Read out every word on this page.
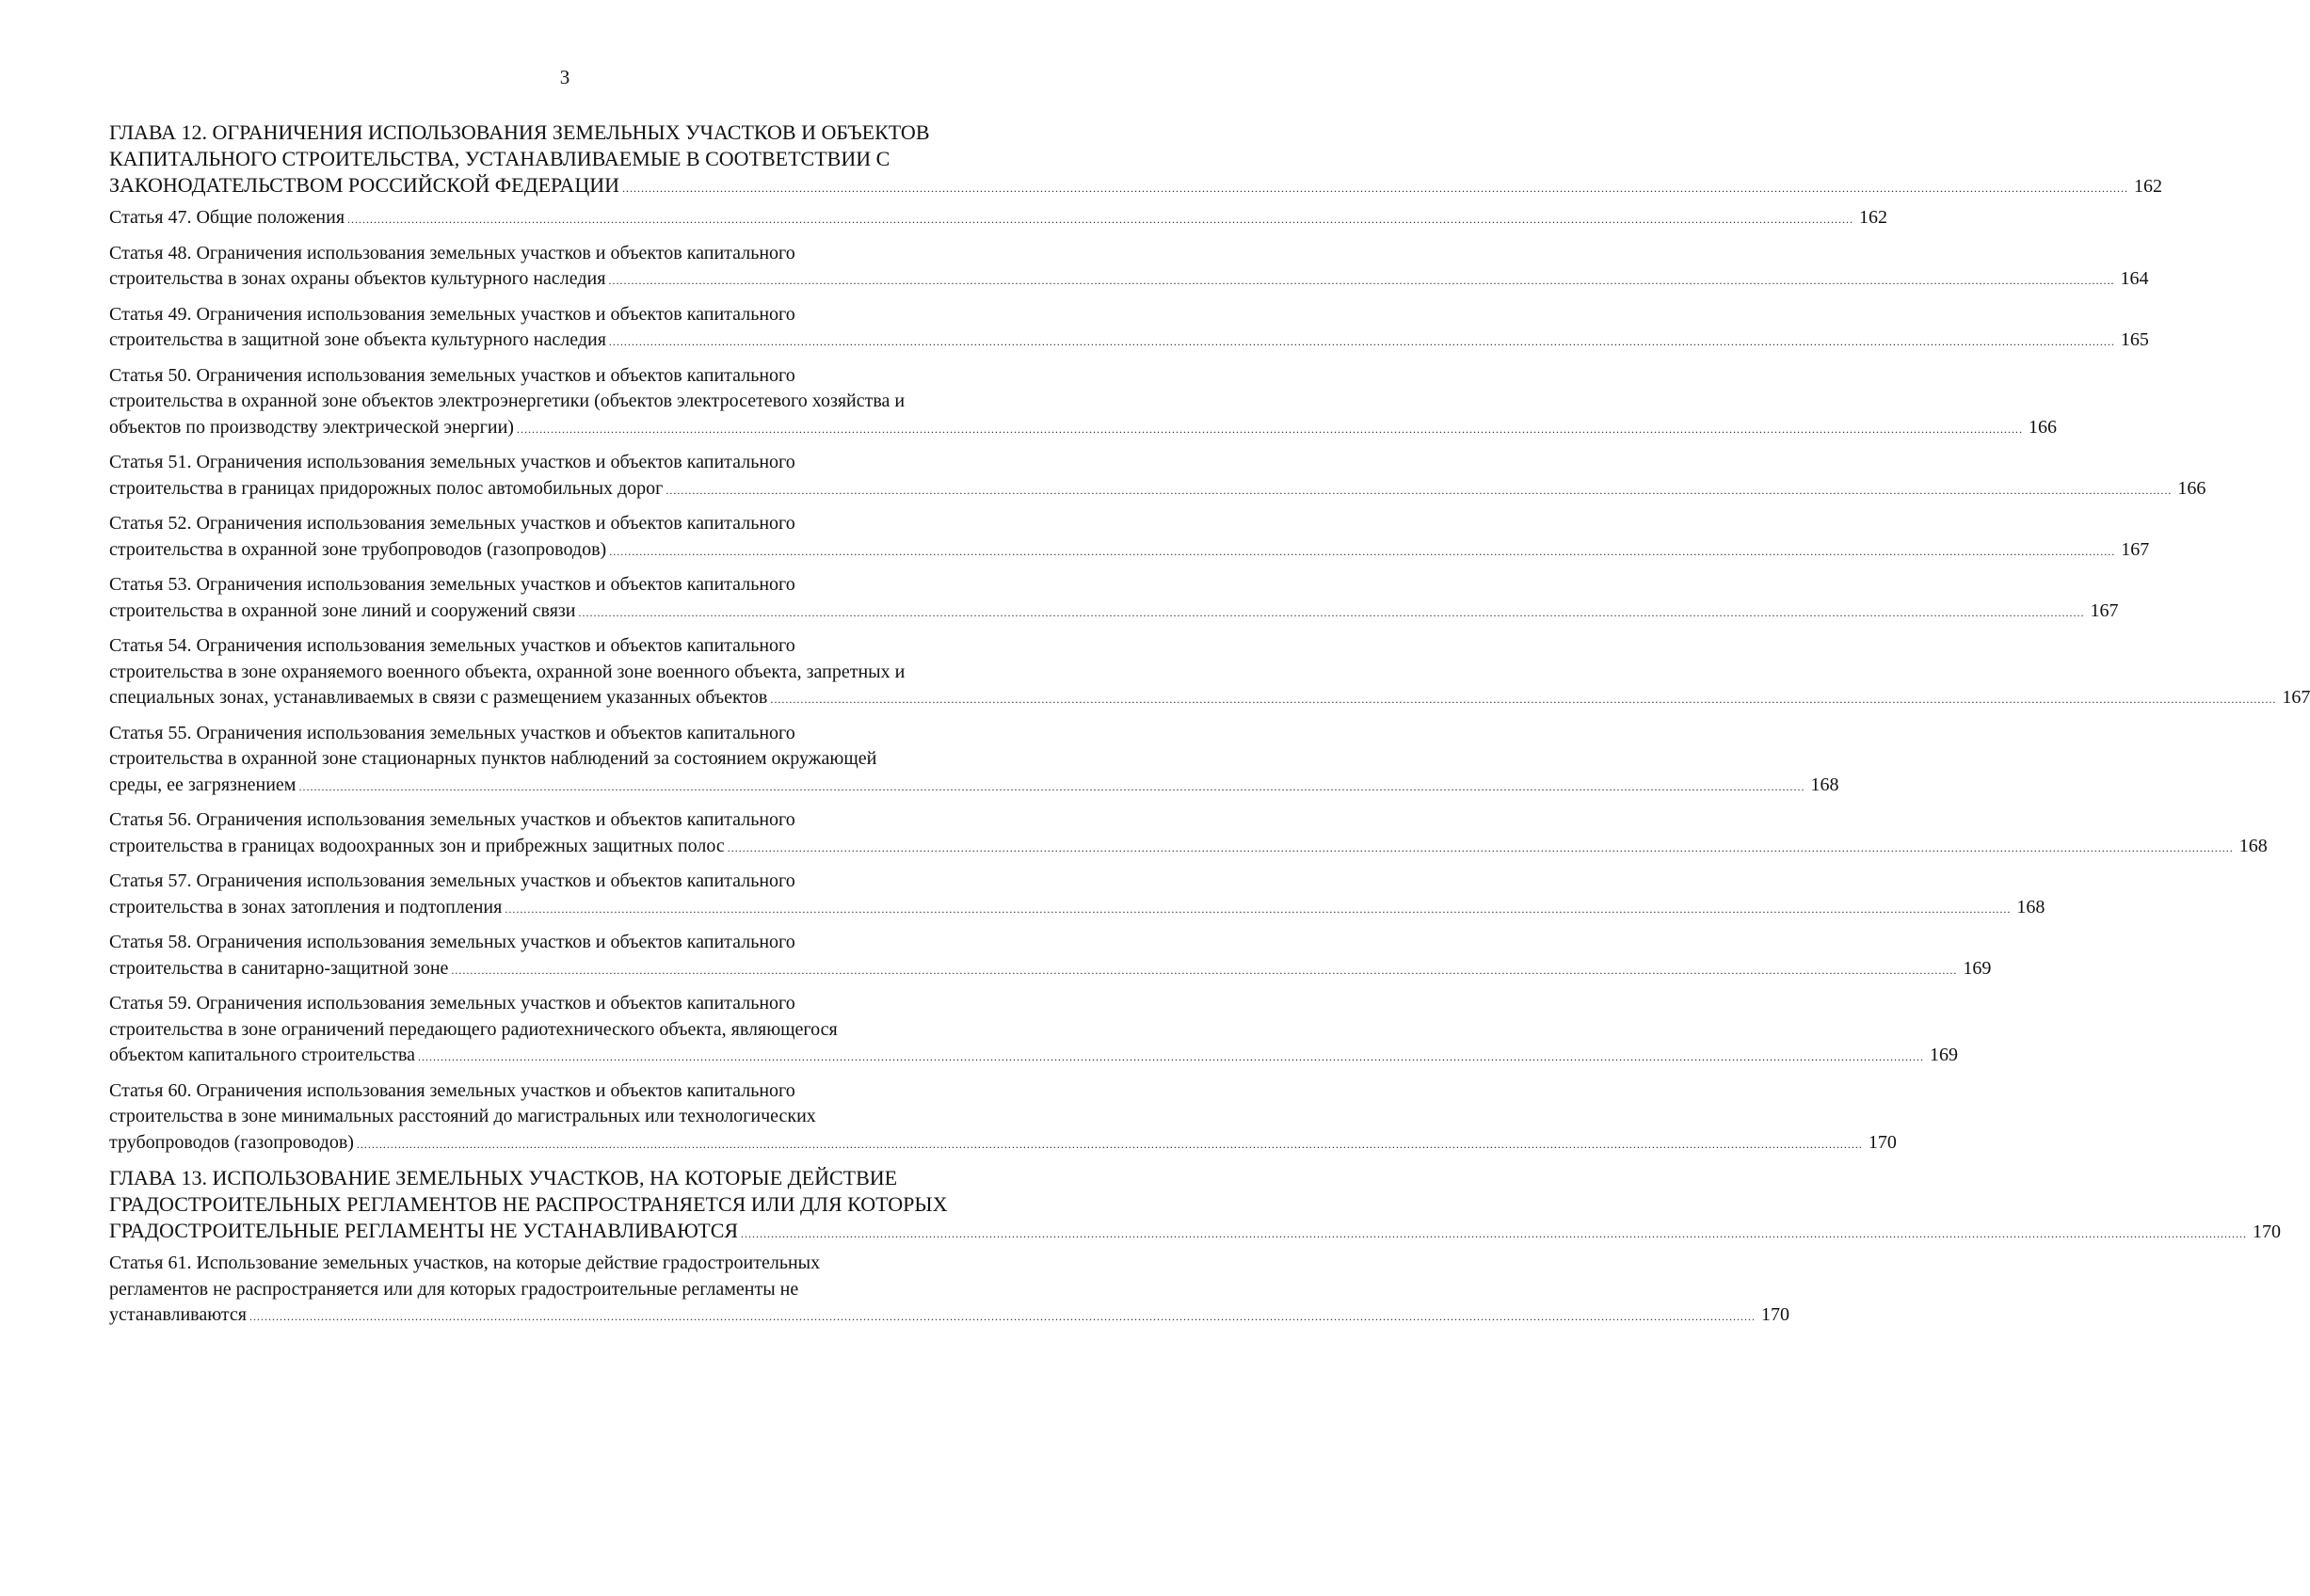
3
ГЛАВА 12. ОГРАНИЧЕНИЯ ИСПОЛЬЗОВАНИЯ ЗЕМЕЛЬНЫХ УЧАСТКОВ И ОБЪЕКТОВ
КАПИТАЛЬНОГО СТРОИТЕЛЬСТВА, УСТАНАВЛИВАЕМЫЕ В СООТВЕТСТВИИ С
ЗАКОНОДАТЕЛЬСТВОМ РОССИЙСКОЙ ФЕДЕРАЦИИ ................................................................................................................................................................................................................................................................................................................................................................................................................ 162
Статья 47. Общие положения ................................................................................................................................................................................................................................................................................................................................................................................................................ 162
Статья 48. Ограничения использования земельных участков и объектов капитального
строительства в зонах охраны объектов культурного наследия ................................................................................................................................................................................................................................................................................................................................................................................................................ 164
Статья 49. Ограничения использования земельных участков и объектов капитального
строительства в защитной зоне объекта культурного наследия ................................................................................................................................................................................................................................................................................................................................................................................................................ 165
Статья 50. Ограничения использования земельных участков и объектов капитального
строительства в охранной зоне объектов электроэнергетики (объектов электросетевого хозяйства и
объектов по производству электрической энергии) ................................................................................................................................................................................................................................................................................................................................................................................................................ 166
Статья 51. Ограничения использования земельных участков и объектов капитального
строительства в границах придорожных полос автомобильных дорог ................................................................................................................................................................................................................................................................................................................................................................................................................ 166
Статья 52. Ограничения использования земельных участков и объектов капитального
строительства в охранной зоне трубопроводов (газопроводов) ................................................................................................................................................................................................................................................................................................................................................................................................................ 167
Статья 53. Ограничения использования земельных участков и объектов капитального
строительства в охранной зоне линий и сооружений связи ................................................................................................................................................................................................................................................................................................................................................................................................................ 167
Статья 54. Ограничения использования земельных участков и объектов капитального
строительства в зоне охраняемого военного объекта, охранной зоне военного объекта, запретных и
специальных зонах, устанавливаемых в связи с размещением указанных объектов ................................................................................................................................................................................................................................................................................................................................................................................................................ 167
Статья 55. Ограничения использования земельных участков и объектов капитального
строительства в охранной зоне стационарных пунктов наблюдений за состоянием окружающей
среды, ее загрязнением ................................................................................................................................................................................................................................................................................................................................................................................................................ 168
Статья 56. Ограничения использования земельных участков и объектов капитального
строительства в границах водоохранных зон и прибрежных защитных полос ................................................................................................................................................................................................................................................................................................................................................................................................................ 168
Статья 57. Ограничения использования земельных участков и объектов капитального
строительства в зонах затопления и подтопления ................................................................................................................................................................................................................................................................................................................................................................................................................ 168
Статья 58. Ограничения использования земельных участков и объектов капитального
строительства в санитарно-защитной зоне ................................................................................................................................................................................................................................................................................................................................................................................................................ 169
Статья 59. Ограничения использования земельных участков и объектов капитального
строительства в зоне ограничений передающего радиотехнического объекта, являющегося
объектом капитального строительства ................................................................................................................................................................................................................................................................................................................................................................................................................ 169
Статья 60. Ограничения использования земельных участков и объектов капитального
строительства в зоне минимальных расстояний до магистральных или технологических
трубопроводов (газопроводов) ................................................................................................................................................................................................................................................................................................................................................................................................................ 170
ГЛАВА 13. ИСПОЛЬЗОВАНИЕ ЗЕМЕЛЬНЫХ УЧАСТКОВ, НА КОТОРЫЕ ДЕЙСТВИЕ
ГРАДОСТРОИТЕЛЬНЫХ РЕГЛАМЕНТОВ НЕ РАСПРОСТРАНЯЕТСЯ ИЛИ ДЛЯ КОТОРЫХ
ГРАДОСТРОИТЕЛЬНЫЕ РЕГЛАМЕНТЫ НЕ УСТАНАВЛИВАЮТСЯ ................................................................................................................................................................................................................................................................................................................................................................................................................ 170
Статья 61. Использование земельных участков, на которые действие градостроительных
регламентов не распространяется или для которых градостроительные регламенты не
устанавливаются ................................................................................................................................................................................................................................................................................................................................................................................................................ 170
